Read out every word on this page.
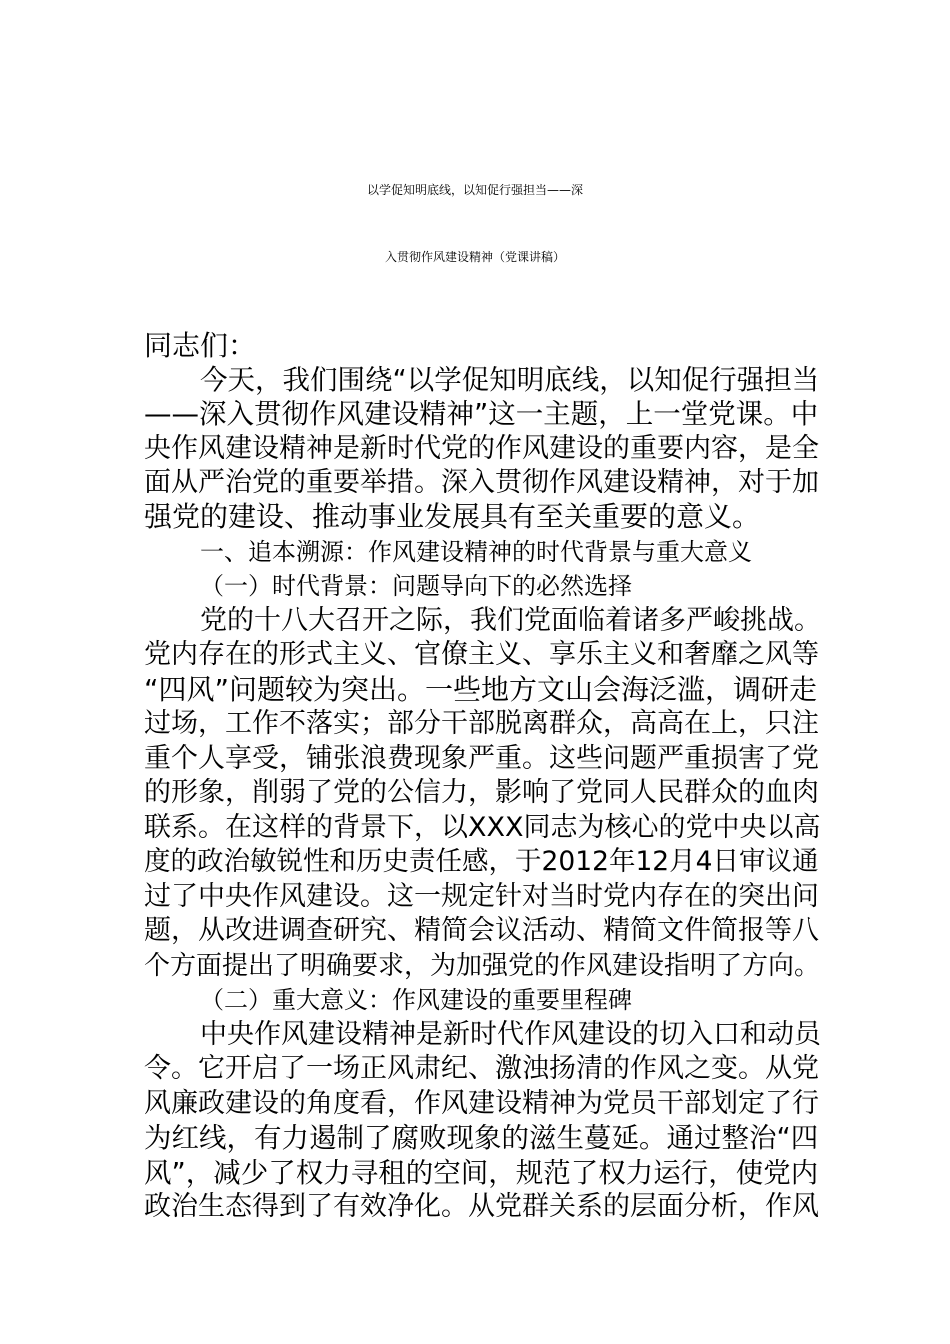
以学促知明底线，以知促行强担当——深
入贯彻作风建设精神（党课讲稿）
同志们：
今天，我们围绕“以学促知明底线，以知促行强担当
——深入贯彻作风建设精神”这一主题，上一堂党课。中
央作风建设精神是新时代党的作风建设的重要内容，是全
面从严治党的重要举措。深入贯彻作风建设精神，对于加
强党的建设、推动事业发展具有至关重要的意义。
一、追本溯源：作风建设精神的时代背景与重大意义
（一）时代背景：问题导向下的必然选择
党的十八大召开之际，我们党面临着诸多严峻挑战。
党内存在的形式主义、官僚主义、享乐主义和奢靡之风等
“四风”问题较为突出。一些地方文山会海泛滥，调研走
过场，工作不落实；部分干部脱离群众，高高在上，只注
重个人享受，铺张浪费现象严重。这些问题严重损害了党
的形象，削弱了党的公信力，影响了党同人民群众的血肉
联系。在这样的背景下，以XXX同志为核心的党中央以高
度的政治敏锐性和历史责任感，于2012年12月4日审议通
过了中央作风建设。这一规定针对当时党内存在的突出问
题，从改进调查研究、精简会议活动、精简文件简报等八
个方面提出了明确要求，为加强党的作风建设指明了方向。
（二）重大意义：作风建设的重要里程碑
中央作风建设精神是新时代作风建设的切入口和动员
令。它开启了一场正风肃纪、激浊扬清的作风之变。从党
风廉政建设的角度看，作风建设精神为党员干部划定了行
为红线，有力遏制了腐败现象的滋生蔓延。通过整治“四
风”，减少了权力寻租的空间，规范了权力运行，使党内
政治生态得到了有效净化。从党群关系的层面分析，作风
